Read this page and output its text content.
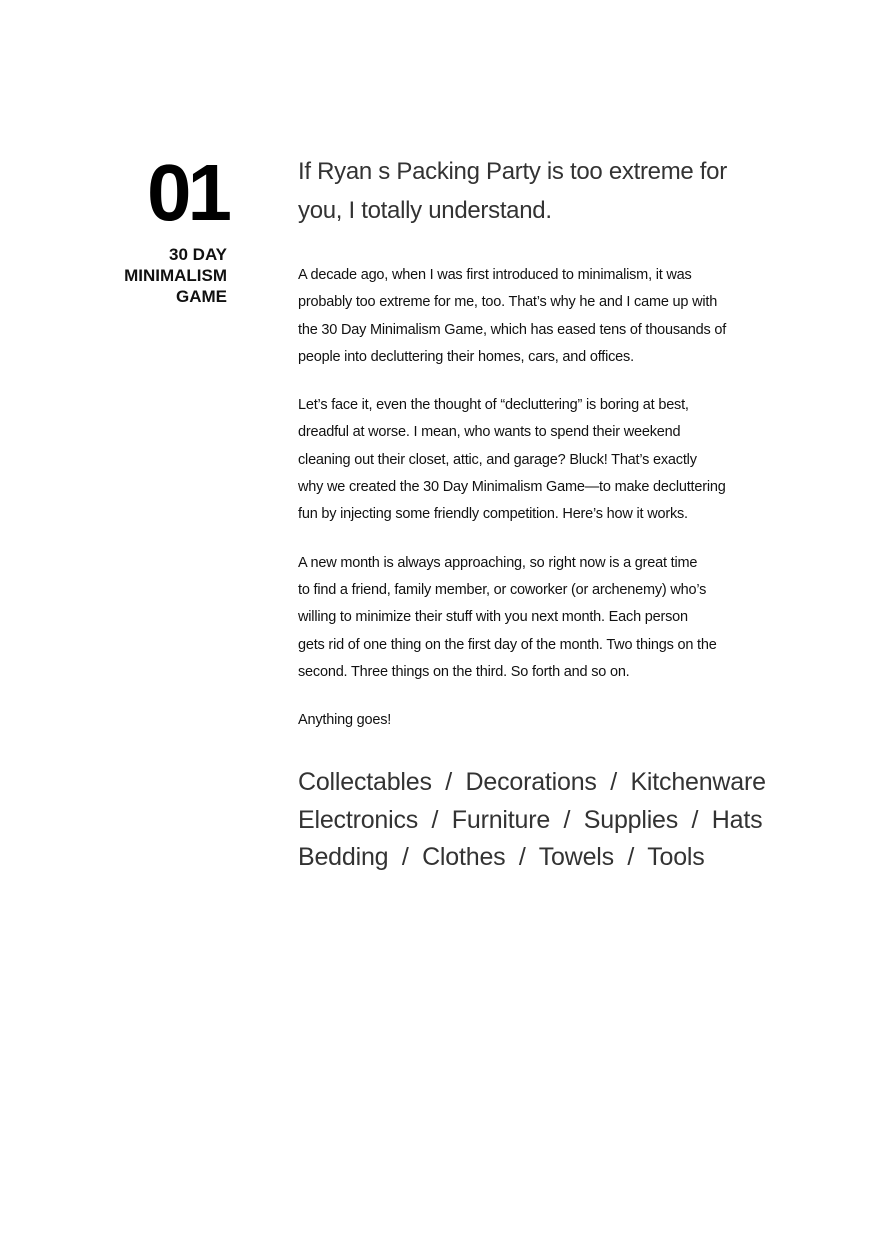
01
30 DAY
MINIMALISM
GAME
If Ryan s Packing Party is too extreme for
you, I totally understand.

A decade ago, when I was first introduced to minimalism, it was
probably too extreme for me, too. That’s why he and I came up with
the 30 Day Minimalism Game, which has eased tens of thousands of
people into decluttering their homes, cars, and offices.

Let’s face it, even the thought of “decluttering” is boring at best,
dreadful at worse. I mean, who wants to spend their weekend
cleaning out their closet, attic, and garage? Bluck! That’s exactly
why we created the 30 Day Minimalism Game—to make decluttering
fun by injecting some friendly competition. Here’s how it works.

A new month is always approaching, so right now is a great time
to find a friend, family member, or coworker (or archenemy) who’s
willing to minimize their stuff with you next month. Each person
gets rid of one thing on the first day of the month. Two things on the
second. Three things on the third. So forth and so on.

Anything goes!

Collectables  /  Decorations  /  Kitchenware
Electronics  /  Furniture  /  Supplies  /  Hats
Bedding  /  Clothes  /  Towels  /  Tools
